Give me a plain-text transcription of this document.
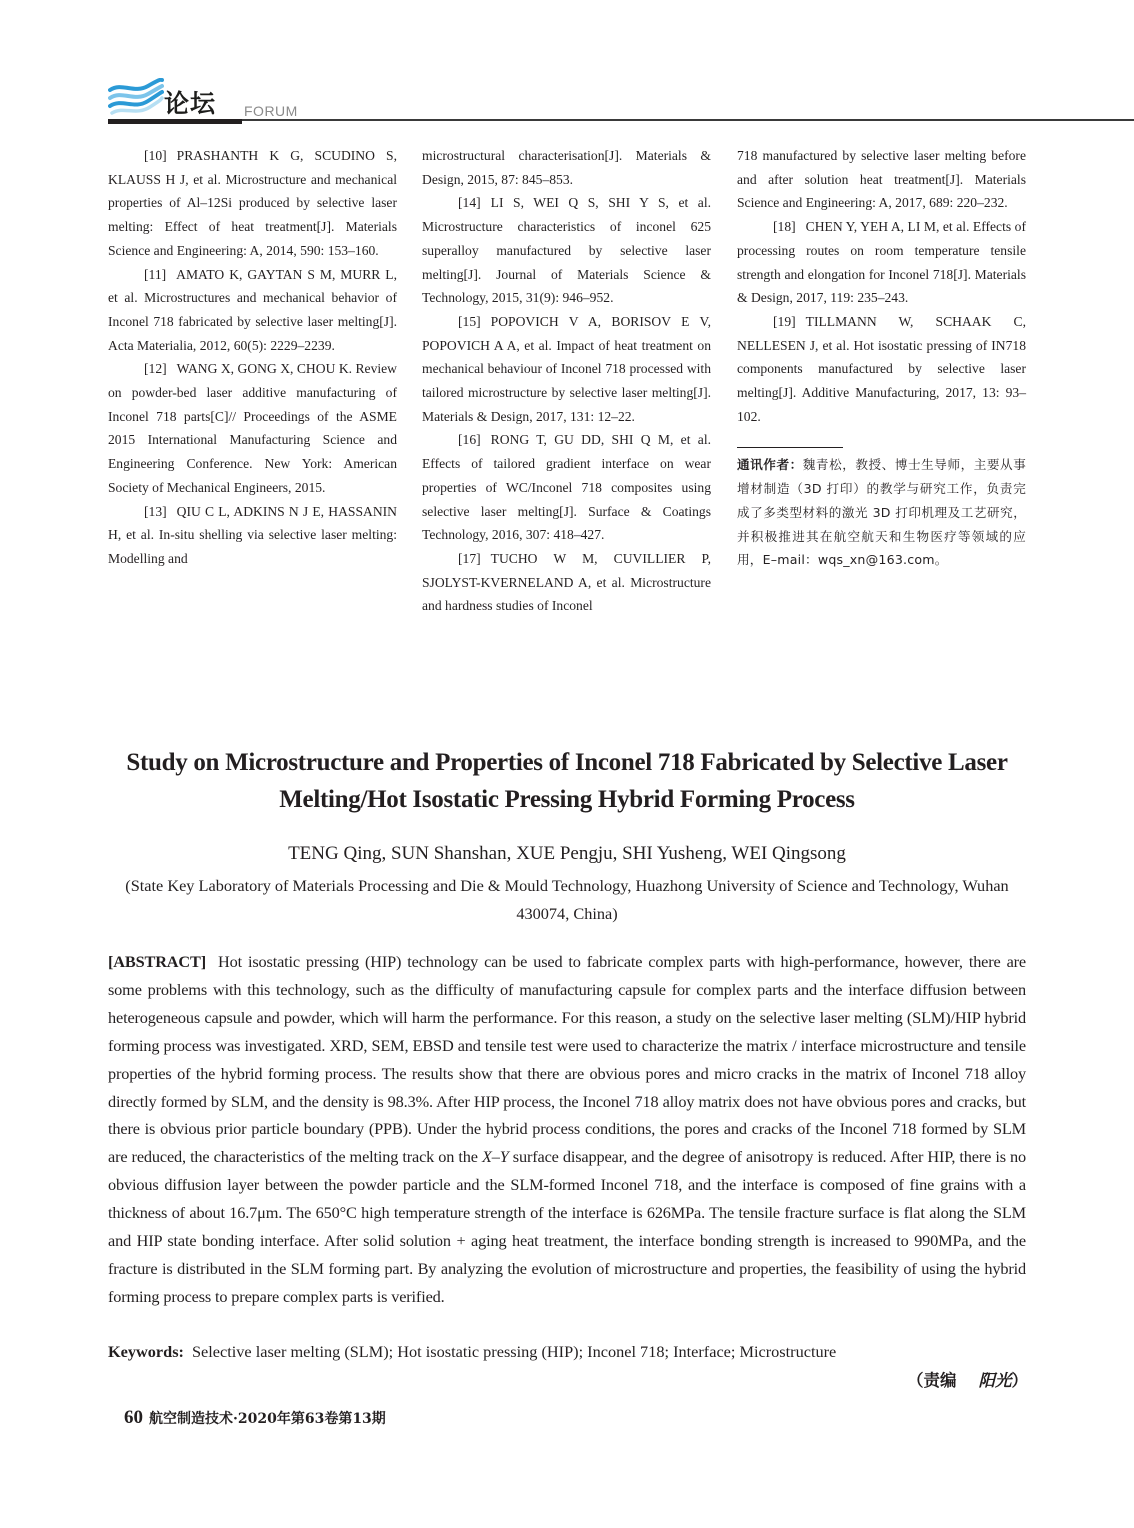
论坛 FORUM

[10] PRASHANTH K G, SCUDINO S, KLAUSS H J, et al. Microstructure and mechanical properties of Al–12Si produced by selective laser melting: Effect of heat treatment[J]. Materials Science and Engineering: A, 2014, 590: 153–160.

[11] AMATO K, GAYTAN S M, MURR L, et al. Microstructures and mechanical behavior of Inconel 718 fabricated by selective laser melting[J]. Acta Materialia, 2012, 60(5): 2229–2239.

[12] WANG X, GONG X, CHOU K. Review on powder-bed laser additive manufacturing of Inconel 718 parts[C]// Proceedings of the ASME 2015 International Manufacturing Science and Engineering Conference. New York: American Society of Mechanical Engineers, 2015.

[13] QIU C L, ADKINS N J E, HASSANIN H, et al. In-situ shelling via selective laser melting: Modelling and

microstructural characterisation[J]. Materials & Design, 2015, 87: 845–853.

[14] LI S, WEI Q S, SHI Y S, et al. Microstructure characteristics of inconel 625 superalloy manufactured by selective laser melting[J]. Journal of Materials Science & Technology, 2015, 31(9): 946–952.

[15] POPOVICH V A, BORISOV E V, POPOVICH A A, et al. Impact of heat treatment on mechanical behaviour of Inconel 718 processed with tailored microstructure by selective laser melting[J]. Materials & Design, 2017, 131: 12–22.

[16] RONG T, GU DD, SHI Q M, et al. Effects of tailored gradient interface on wear properties of WC/Inconel 718 composites using selective laser melting[J]. Surface & Coatings Technology, 2016, 307: 418–427.

[17] TUCHO W M, CUVILLIER P, SJOLYST-KVERNELAND A, et al. Microstructure and hardness studies of Inconel

718 manufactured by selective laser melting before and after solution heat treatment[J]. Materials Science and Engineering: A, 2017, 689: 220–232.

[18] CHEN Y, YEH A, LI M, et al. Effects of processing routes on room temperature tensile strength and elongation for Inconel 718[J]. Materials & Design, 2017, 119: 235–243.

[19] TILLMANN W, SCHAAK C, NELLESEN J, et al. Hot isostatic pressing of IN718 components manufactured by selective laser melting[J]. Additive Manufacturing, 2017, 13: 93–102.

通讯作者：魏青松，教授、博士生导师，主要从事增材制造（3D 打印）的教学与研究工作，负责完成了多类型材料的激光 3D 打印机理及工艺研究，并积极推进其在航空航天和生物医疗等领域的应用，E–mail：wqs_xn@163.com。
Study on Microstructure and Properties of Inconel 718 Fabricated by Selective Laser Melting/Hot Isostatic Pressing Hybrid Forming Process
TENG Qing, SUN Shanshan, XUE Pengju, SHI Yusheng, WEI Qingsong
(State Key Laboratory of Materials Processing and Die & Mould Technology, Huazhong University of Science and Technology, Wuhan 430074, China)
[ABSTRACT] Hot isostatic pressing (HIP) technology can be used to fabricate complex parts with high-performance, however, there are some problems with this technology, such as the difficulty of manufacturing capsule for complex parts and the interface diffusion between heterogeneous capsule and powder, which will harm the performance. For this reason, a study on the selective laser melting (SLM)/HIP hybrid forming process was investigated. XRD, SEM, EBSD and tensile test were used to characterize the matrix / interface microstructure and tensile properties of the hybrid forming process. The results show that there are obvious pores and micro cracks in the matrix of Inconel 718 alloy directly formed by SLM, and the density is 98.3%. After HIP process, the Inconel 718 alloy matrix does not have obvious pores and cracks, but there is obvious prior particle boundary (PPB). Under the hybrid process conditions, the pores and cracks of the Inconel 718 formed by SLM are reduced, the characteristics of the melting track on the X–Y surface disappear, and the degree of anisotropy is reduced. After HIP, there is no obvious diffusion layer between the powder particle and the SLM-formed Inconel 718, and the interface is composed of fine grains with a thickness of about 16.7μm. The 650°C high temperature strength of the interface is 626MPa. The tensile fracture surface is flat along the SLM and HIP state bonding interface. After solid solution + aging heat treatment, the interface bonding strength is increased to 990MPa, and the fracture is distributed in the SLM forming part. By analyzing the evolution of microstructure and properties, the feasibility of using the hybrid forming process to prepare complex parts is verified.
Keywords: Selective laser melting (SLM); Hot isostatic pressing (HIP); Inconel 718; Interface; Microstructure
（责编 阳光）
60 航空制造技术·2020年第63卷第13期
